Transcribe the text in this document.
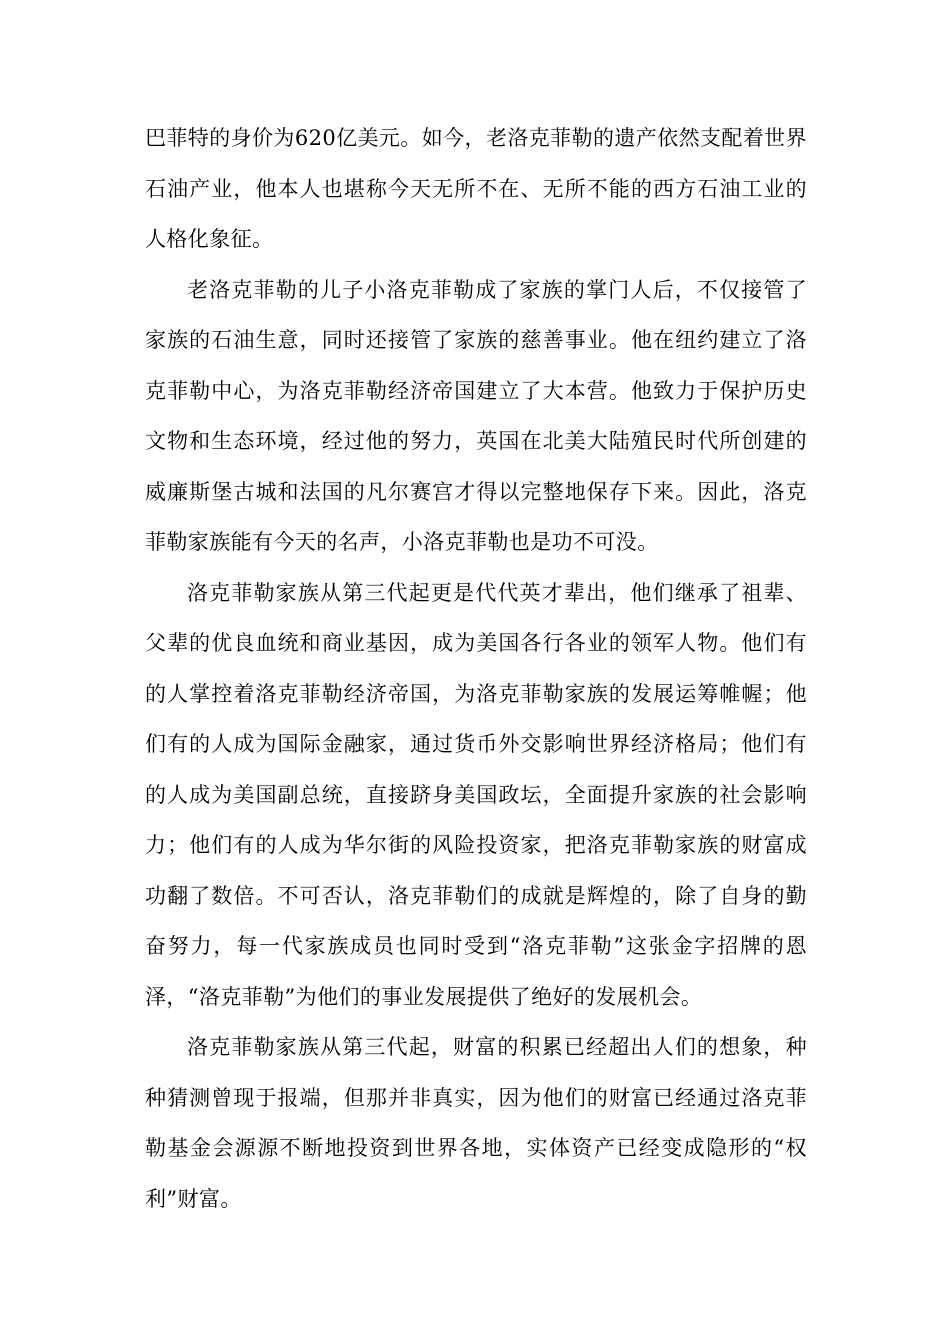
巴菲特的身价为620亿美元。如今，老洛克菲勒的遗产依然支配着世界石油产业，他本人也堪称今天无所不在、无所不能的西方石油工业的人格化象征。

老洛克菲勒的儿子小洛克菲勒成了家族的掌门人后，不仅接管了家族的石油生意，同时还接管了家族的慈善事业。他在纽约建立了洛克菲勒中心，为洛克菲勒经济帝国建立了大本营。他致力于保护历史文物和生态环境，经过他的努力，英国在北美大陆殖民时代所创建的威廉斯堡古城和法国的凡尔赛宫才得以完整地保存下来。因此，洛克菲勒家族能有今天的名声，小洛克菲勒也是功不可没。

洛克菲勒家族从第三代起更是代代英才辈出，他们继承了祖辈、父辈的优良血统和商业基因，成为美国各行各业的领军人物。他们有的人掌控着洛克菲勒经济帝国，为洛克菲勒家族的发展运筹帷幄；他们有的人成为国际金融家，通过货币外交影响世界经济格局；他们有的人成为美国副总统，直接跻身美国政坛，全面提升家族的社会影响力；他们有的人成为华尔街的风险投资家，把洛克菲勒家族的财富成功翻了数倍。不可否认，洛克菲勒们的成就是辉煌的，除了自身的勤奋努力，每一代家族成员也同时受到“洛克菲勒”这张金字招牌的恩泽，“洛克菲勒”为他们的事业发展提供了绝好的发展机会。

洛克菲勒家族从第三代起，财富的积累已经超出人们的想象，种种猜测曾现于报端，但那并非真实，因为他们的财富已经通过洛克菲勒基金会源源不断地投资到世界各地，实体资产已经变成隐形的“权利”财富。
